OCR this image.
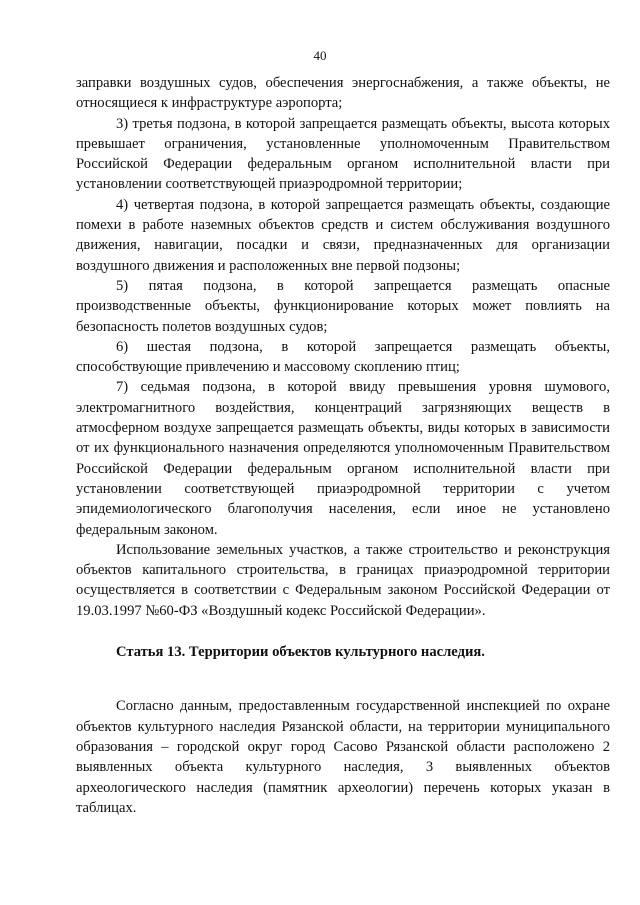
40

заправки воздушных судов, обеспечения энергоснабжения, а также объекты, не относящиеся к инфраструктуре аэропорта;

3) третья подзона, в которой запрещается размещать объекты, высота которых превышает ограничения, установленные уполномоченным Правительством Российской Федерации федеральным органом исполнительной власти при установлении соответствующей приаэродромной территории;

4) четвертая подзона, в которой запрещается размещать объекты, создающие помехи в работе наземных объектов средств и систем обслуживания воздушного движения, навигации, посадки и связи, предназначенных для организации воздушного движения и расположенных вне первой подзоны;

5) пятая подзона, в которой запрещается размещать опасные производственные объекты, функционирование которых может повлиять на безопасность полетов воздушных судов;

6) шестая подзона, в которой запрещается размещать объекты, способствующие привлечению и массовому скоплению птиц;

7) седьмая подзона, в которой ввиду превышения уровня шумового, электромагнитного воздействия, концентраций загрязняющих веществ в атмосферном воздухе запрещается размещать объекты, виды которых в зависимости от их функционального назначения определяются уполномоченным Правительством Российской Федерации федеральным органом исполнительной власти при установлении соответствующей приаэродромной территории с учетом эпидемиологического благополучия населения, если иное не установлено федеральным законом.

Использование земельных участков, а также строительство и реконструкция объектов капитального строительства, в границах приаэродромной территории осуществляется в соответствии с Федеральным законом Российской Федерации от 19.03.1997 №60-ФЗ «Воздушный кодекс Российской Федерации».

Статья 13. Территории объектов культурного наследия.

Согласно данным, предоставленным государственной инспекцией по охране объектов культурного наследия Рязанской области, на территории муниципального образования – городской округ город Сасово Рязанской области расположено 2 выявленных объекта культурного наследия, 3 выявленных объектов археологического наследия (памятник археологии) перечень которых указан в таблицах.
